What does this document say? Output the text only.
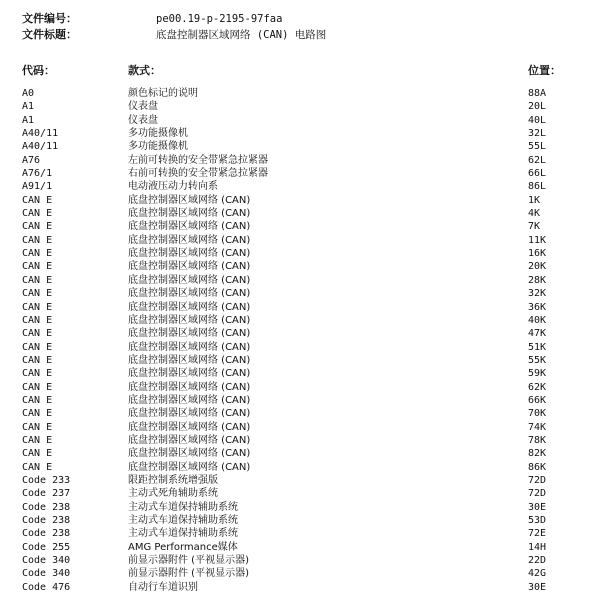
文件编号：	pe00.19-p-2195-97faa
文件标题：	底盘控制器区域网络 (CAN) 电路图
代码：	款式：	位置：
A0	颜色标记的说明	88A
A1	仪表盘	20L
A1	仪表盘	40L
A40/11	多功能摄像机	32L
A40/11	多功能摄像机	55L
A76	左前可转换的安全带紧急拉紧器	62L
A76/1	右前可转换的安全带紧急拉紧器	66L
A91/1	电动液压动力转向系	86L
CAN E	底盘控制器区域网络 (CAN)	1K
CAN E	底盘控制器区域网络 (CAN)	4K
CAN E	底盘控制器区域网络 (CAN)	7K
CAN E	底盘控制器区域网络 (CAN)	11K
CAN E	底盘控制器区域网络 (CAN)	16K
CAN E	底盘控制器区域网络 (CAN)	20K
CAN E	底盘控制器区域网络 (CAN)	28K
CAN E	底盘控制器区域网络 (CAN)	32K
CAN E	底盘控制器区域网络 (CAN)	36K
CAN E	底盘控制器区域网络 (CAN)	40K
CAN E	底盘控制器区域网络 (CAN)	47K
CAN E	底盘控制器区域网络 (CAN)	51K
CAN E	底盘控制器区域网络 (CAN)	55K
CAN E	底盘控制器区域网络 (CAN)	59K
CAN E	底盘控制器区域网络 (CAN)	62K
CAN E	底盘控制器区域网络 (CAN)	66K
CAN E	底盘控制器区域网络 (CAN)	70K
CAN E	底盘控制器区域网络 (CAN)	74K
CAN E	底盘控制器区域网络 (CAN)	78K
CAN E	底盘控制器区域网络 (CAN)	82K
CAN E	底盘控制器区域网络 (CAN)	86K
Code 233	限距控制系统增强版	72D
Code 237	主动式死角辅助系统	72D
Code 238	主动式车道保持辅助系统	30E
Code 238	主动式车道保持辅助系统	53D
Code 238	主动式车道保持辅助系统	72E
Code 255	AMG Performance媒体	14H
Code 340	前显示器附件 (平视显示器)	22D
Code 340	前显示器附件 (平视显示器)	42G
Code 476	自动行车道识别	30E
